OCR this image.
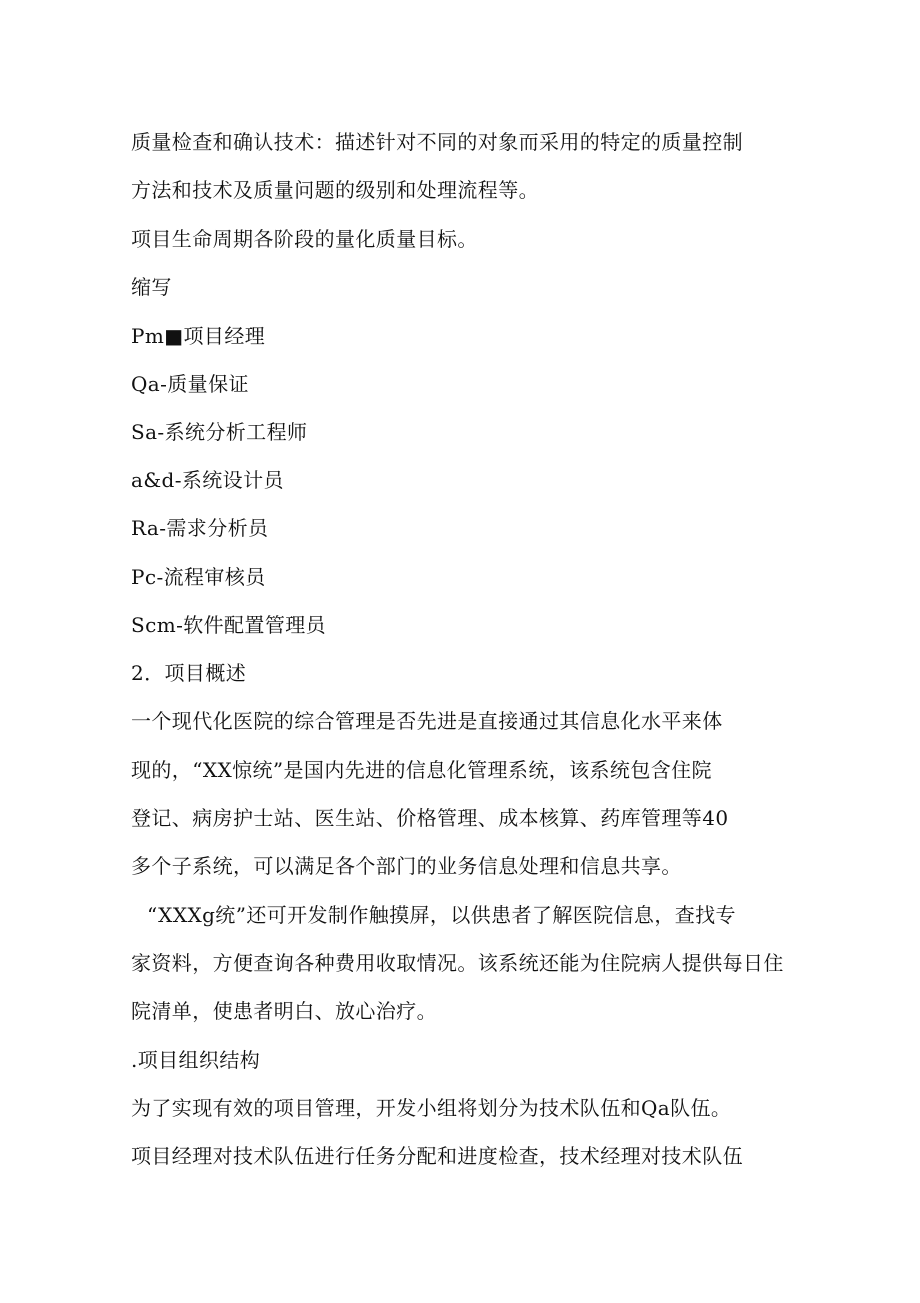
质量检查和确认技术：描述针对不同的对象而采用的特定的质量控制

方法和技术及质量问题的级别和处理流程等。

项目生命周期各阶段的量化质量目标。

缩写

Pm■项目经理

Qa-质量保证

Sa-系统分析工程师

a&d-系统设计员

Ra-需求分析员

Pc-流程审核员

Scm-软件配置管理员

2．项目概述

一个现代化医院的综合管理是否先进是直接通过其信息化水平来体

现的，“XX惊统”是国内先进的信息化管理系统，该系统包含住院

登记、病房护士站、医生站、价格管理、成本核算、药库管理等40

多个子系统，可以满足各个部门的业务信息处理和信息共享。

“XXXg统”还可开发制作触摸屏，以供患者了解医院信息，查找专

家资料，方便查询各种费用收取情况。该系统还能为住院病人提供每日住

院清单，使患者明白、放心治疗。

.项目组织结构

为了实现有效的项目管理，开发小组将划分为技术队伍和Qa队伍。

项目经理对技术队伍进行任务分配和进度检查，技术经理对技术队伍
